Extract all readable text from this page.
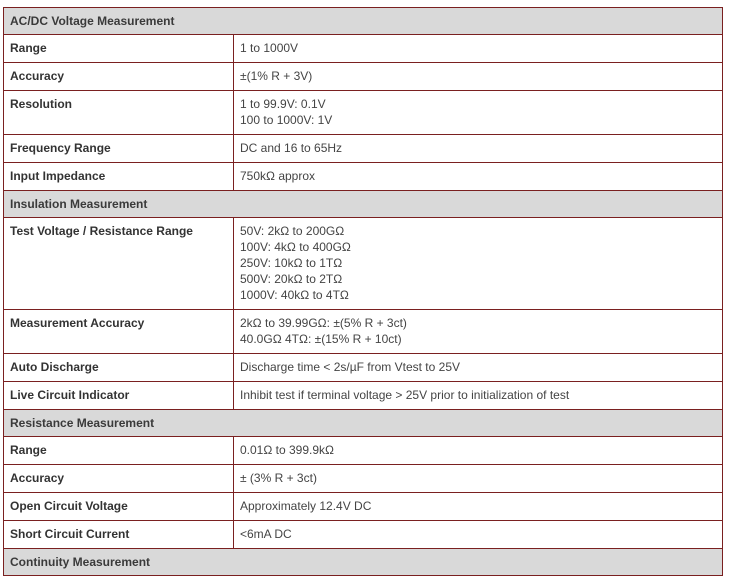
AC/DC Voltage Measurement	
Range	1 to 1000V

Accuracy	±(1% R + 3V)

Resolution	1 to 99.9V: 0.1V
100 to 1000V: 1V

Frequency Range	DC and 16 to 65Hz

Input Impedance	750kΩ approx

Insulation Measurement	
Test Voltage / Resistance Range	50V: 2kΩ to 200GΩ
100V: 4kΩ to 400GΩ
250V: 10kΩ to 1TΩ
500V: 20kΩ to 2TΩ
1000V: 40kΩ to 4TΩ

Measurement Accuracy	2kΩ to 39.99GΩ: ±(5% R + 3ct)
40.0GΩ 4TΩ: ±(15% R + 10ct)

Auto Discharge	Discharge time < 2s/µF from Vtest to 25V

Live Circuit Indicator	Inhibit test if terminal voltage > 25V prior to initialization of test

Resistance Measurement	
Range	0.01Ω to 399.9kΩ

Accuracy	± (3% R + 3ct)

Open Circuit Voltage	Approximately 12.4V DC

Short Circuit Current	<6mA DC

Continuity Measurement	
